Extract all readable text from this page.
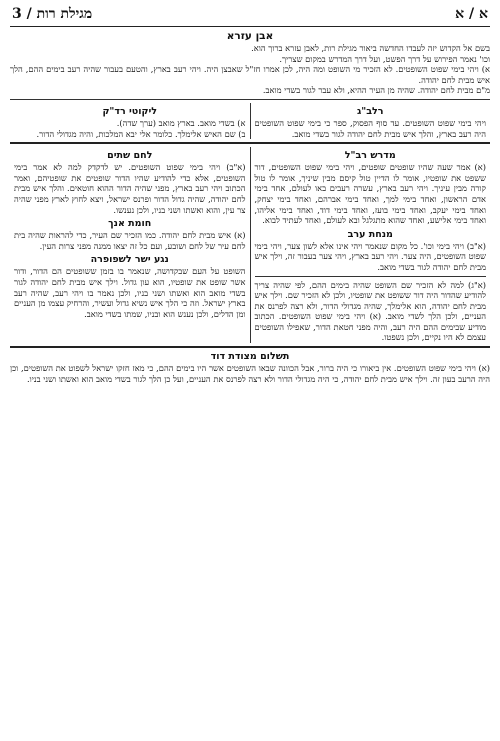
א / א
מגילת רות / 3
אבן עזרא

בשם אל הקדוש יזה לעבדו החדשה ביאור מגילת רות, לאבן עזרא ברוך הוא.

וכו' נאמר הפירוש על דרך הפשט, ועל דרך המדרש במקום שצריך.

א) ויהי בימי שפוט השופטים. לא הזכיר מי השופט ומה היה, לכן אמרו חז"ל שאבצן היה. ויהי רעב בארץ, והטעם בעבור שהיה רעב בימים ההם, הלך איש מבית לחם יהודה.

מ"ם מבית לחם יהודה. שהיה מן העיר ההיא, ולא עבר לגור בשדי מואב.

רלב"ג

ויהי בימי שפוט השופטים. עד סוף הפסוק, ספר כי בימי שפוט השופטים היה רעב בארץ, והלך איש מבית לחם יהודה לגור בשדי מואב.

ליקוטי רד"ק

א) בשדי מואב. בארץ מואב (ערך שדה).

ב) שם האיש אלימלך. כלומר אלי יבא המלכות, והיה מגדולי הדור.

מדרש רב"ל

(א) אמר שעה שהיו שופטים שופטים, ויהי בימי שפוט השופטים, דור ששפט את שופטיו, אומר לו הדיין טול קיסם מבין שיניך, אומר לו טול קורה מבין עיניך. ויהי רעב בארץ, עשרה רעבים באו לעולם, אחד בימי אדם הראשון, ואחד בימי למך, ואחד בימי אברהם, ואחד בימי יצחק, ואחד בימי יעקב, ואחד בימי בועז, ואחד בימי דוד, ואחד בימי אליהו, ואחד בימי אלישע, ואחד שהוא מתגלגל ובא לעולם, ואחד לעתיד לבוא.

מנחת ערב

(א"ב) ויהי בימי וכו'. כל מקום שנאמר ויהי אינו אלא לשון צער, ויהי בימי שפוט השופטים, היה צער. ויהי רעב בארץ, ויהי צער בעבור זה, וילך איש מבית לחם יהודה לגור בשדי מואב.

(א"ג) למה לא הזכיר שם השופט שהיה בימים ההם, לפי שהיה צריך להודיע שהדור היה דור ששופט את שופטיו, ולכן לא הזכיר שם. וילך איש מבית לחם יהודה, הוא אלימלך, שהיה מגדולי הדור, ולא רצה לפרנס את העניים, ולכן הלך לשדי מואב. (א) ויהי בימי שפוט השופטים. הכתוב מודיע שבימים ההם היה רעב, והיה מפני חטאת הדור, שאפילו השופטים עצמם לא היו נקיים, ולכן נשפטו.

לחם שתים

(א"ב) ויהי בימי שפוט השופטים. יש לדקדק למה לא אמר בימי השופטים, אלא כדי להודיע שהיו הדור שופטים את שופטיהם, ואמר הכתוב ויהי רעב בארץ, מפני שהיה הדור ההוא חוטאים. והלך איש מבית לחם יהודה, שהיה גדול הדור ופרנס ישראל, ויצא לחוץ לארץ מפני שהיה צר עין, והוא ואשתו ושני בניו, ולכן נענשו.

חומת אנך

(א) איש מבית לחם יהודה. כמו הזכיר שם העיר, כדי להראות שהיה בית לחם עיר של לחם ושובע, ועם כל זה יצאו ממנה מפני צרות העין.

נגע ישר לשפופרה

השופט על העם שבקדושה, שנאמר בו בזמן ששופטים הם הדור, ודור אשר שופט את שופטיו, הוא עון גדול. וילך איש מבית לחם יהודה לגור בשדי מואב הוא ואשתו ושני בניו, ולכן נאמר בו ויהי רעב, שהיה רעב בארץ ישראל. וזה כי הלך איש נשיא גדול ועשיר, והרחיק עצמו מן העניים ומן הדלים, ולכן נענש הוא ובניו, שמתו בשדי מואב.

תשלום מצודת דוד

(א) ויהי בימי שפוט השופטים. אין ביאורו כי היה ברור, אבל הכוונה שבאו השופטים אשר היו בימים ההם, כי מאז חזקו ישראל לשפוט את השופטים, וכן היה הרעב בעון זה. וילך איש מבית לחם יהודה, כי היה מגדולי הדור ולא רצה לפרנס את העניים, ועל כן הלך לגור בשדי מואב הוא ואשתו ושני בניו.
